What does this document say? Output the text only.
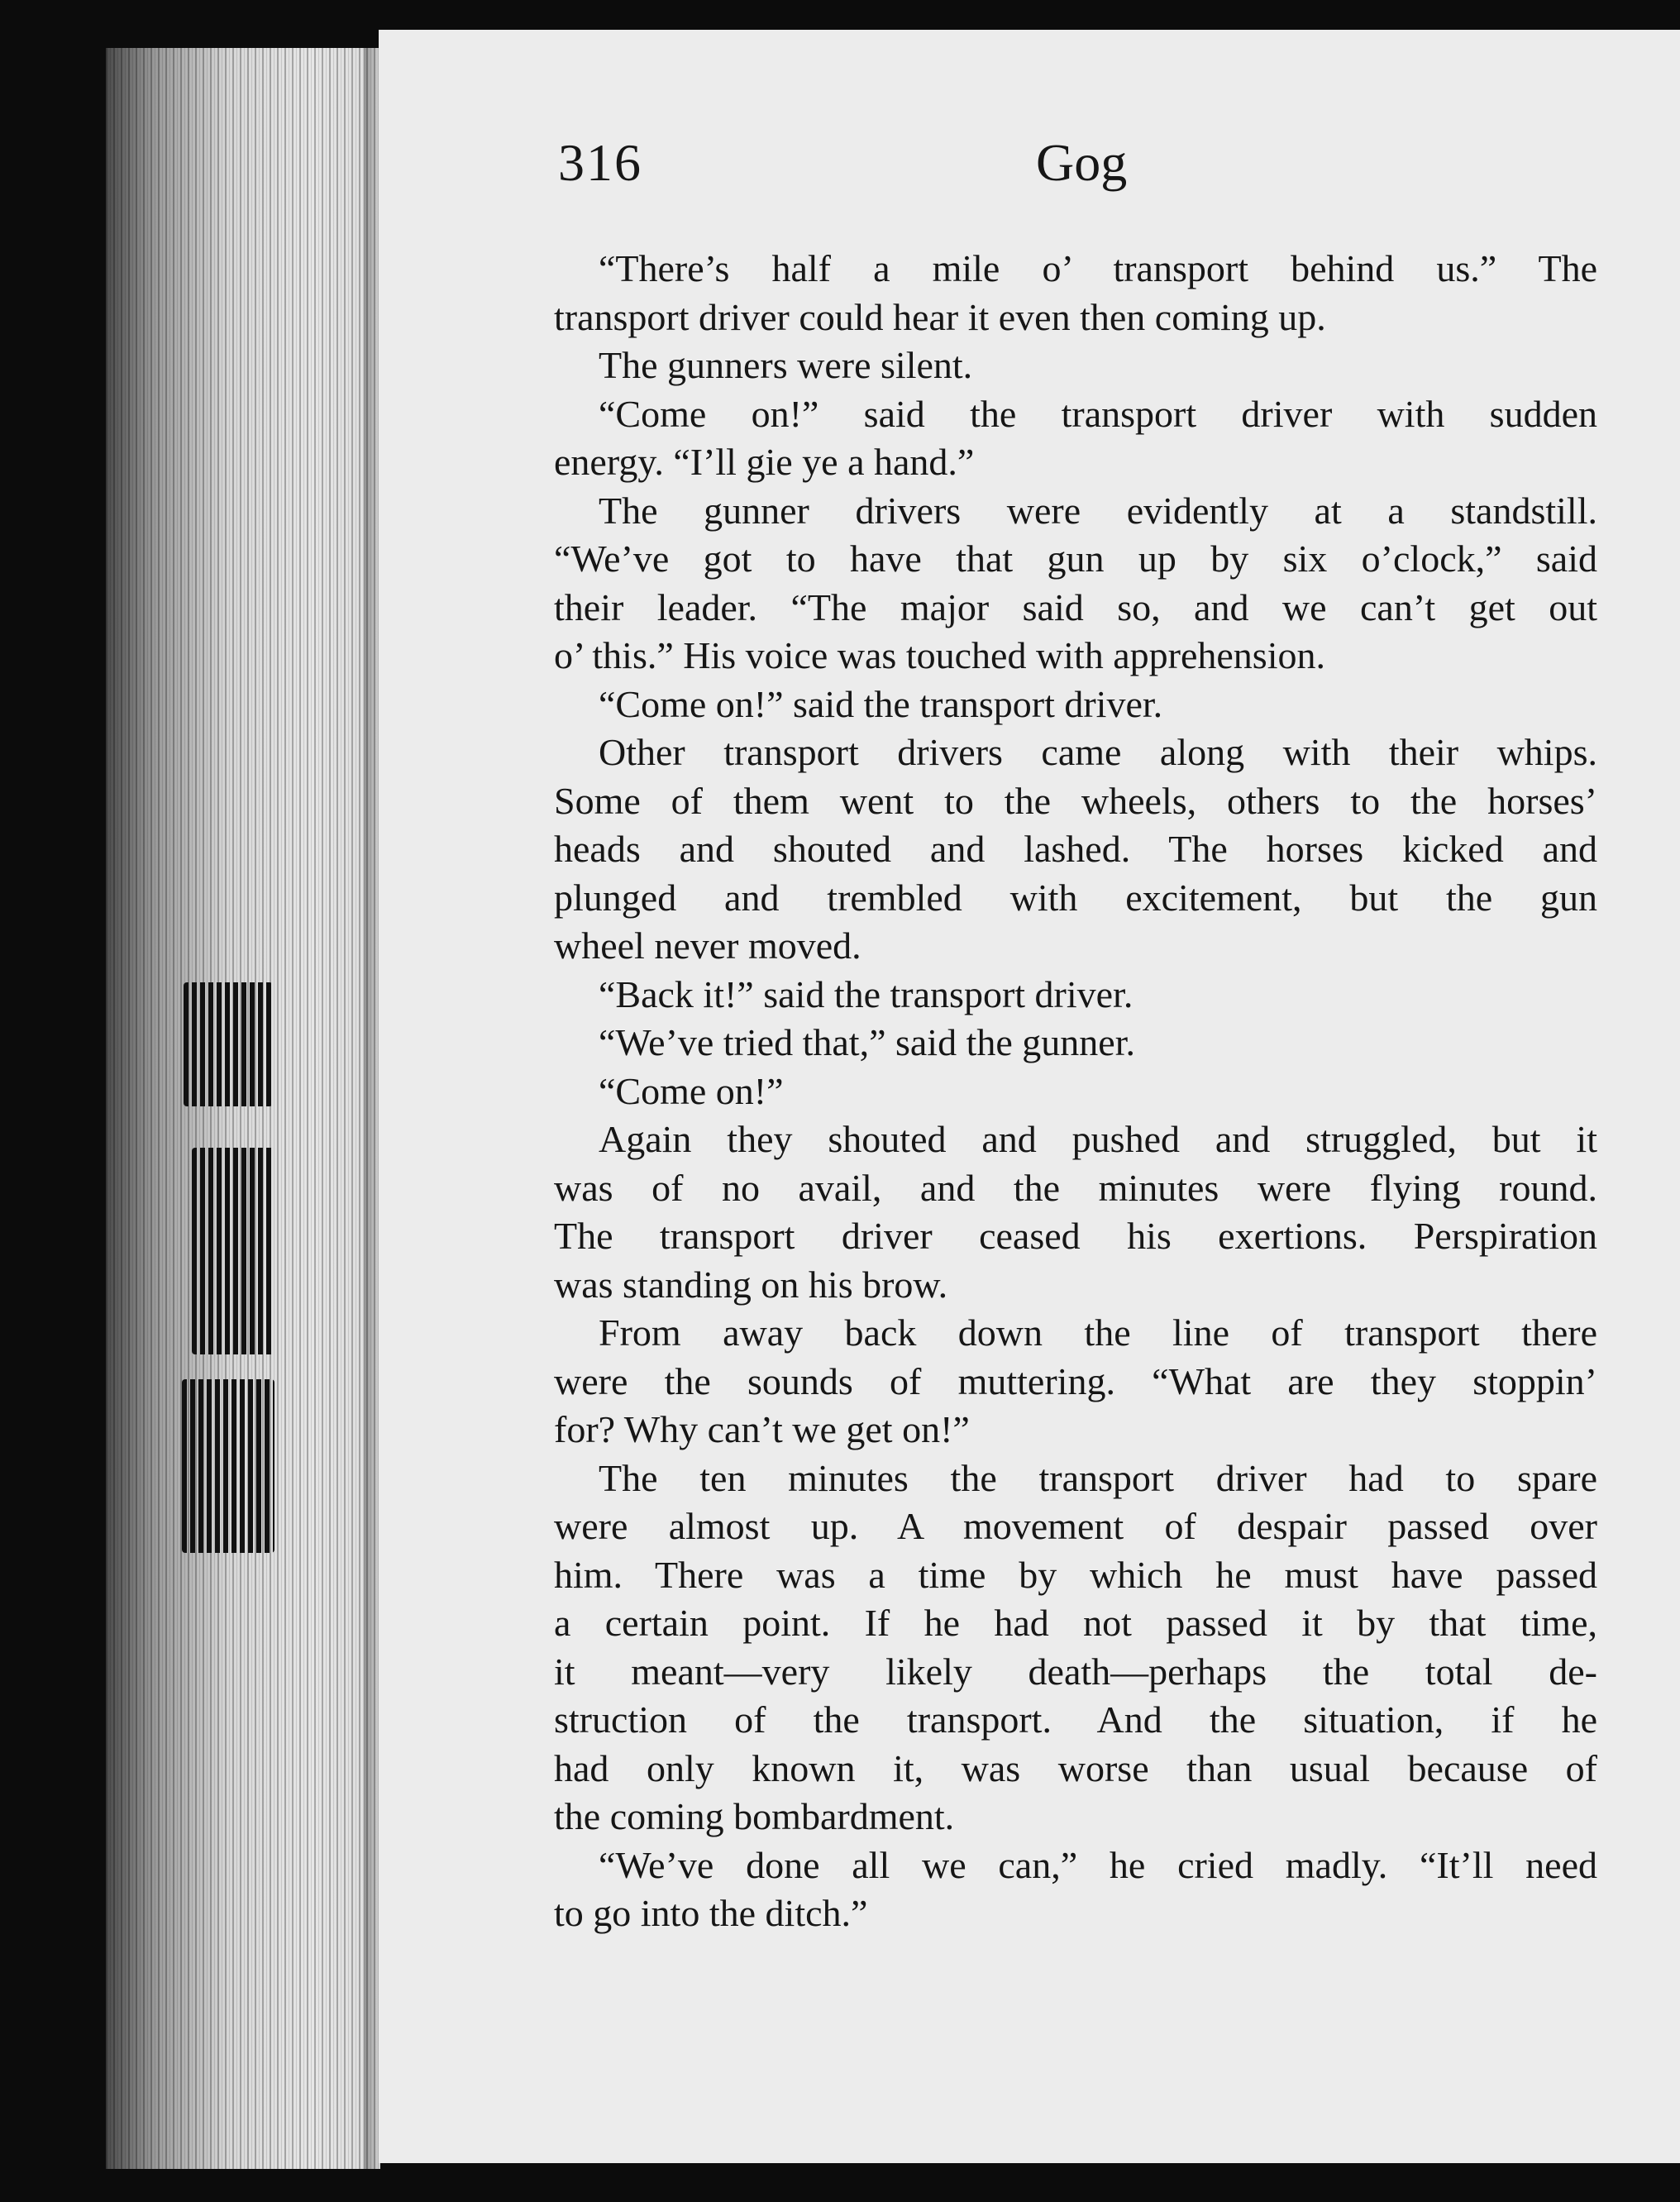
316	Gog
“There’s half a mile o’ transport behind us.” The
transport driver could hear it even then coming up.
The gunners were silent.
“Come on!” said the transport driver with sudden
energy. “I’ll gie ye a hand.”
The gunner drivers were evidently at a standstill.
“We’ve got to have that gun up by six o’clock,” said
their leader. “The major said so, and we can’t get out
o’ this.” His voice was touched with apprehension.
“Come on!” said the transport driver.
Other transport drivers came along with their whips.
Some of them went to the wheels, others to the horses’
heads and shouted and lashed. The horses kicked and
plunged and trembled with excitement, but the gun
wheel never moved.
“Back it!” said the transport driver.
“We’ve tried that,” said the gunner.
“Come on!”
Again they shouted and pushed and struggled, but it
was of no avail, and the minutes were flying round.
The transport driver ceased his exertions. Perspiration
was standing on his brow.
From away back down the line of transport there
were the sounds of muttering. “What are they stoppin’
for? Why can’t we get on!”
The ten minutes the transport driver had to spare
were almost up. A movement of despair passed over
him. There was a time by which he must have passed
a certain point. If he had not passed it by that time,
it meant—very likely death—perhaps the total de-
struction of the transport. And the situation, if he
had only known it, was worse than usual because of
the coming bombardment.
“We’ve done all we can,” he cried madly. “It’ll need
to go into the ditch.”
